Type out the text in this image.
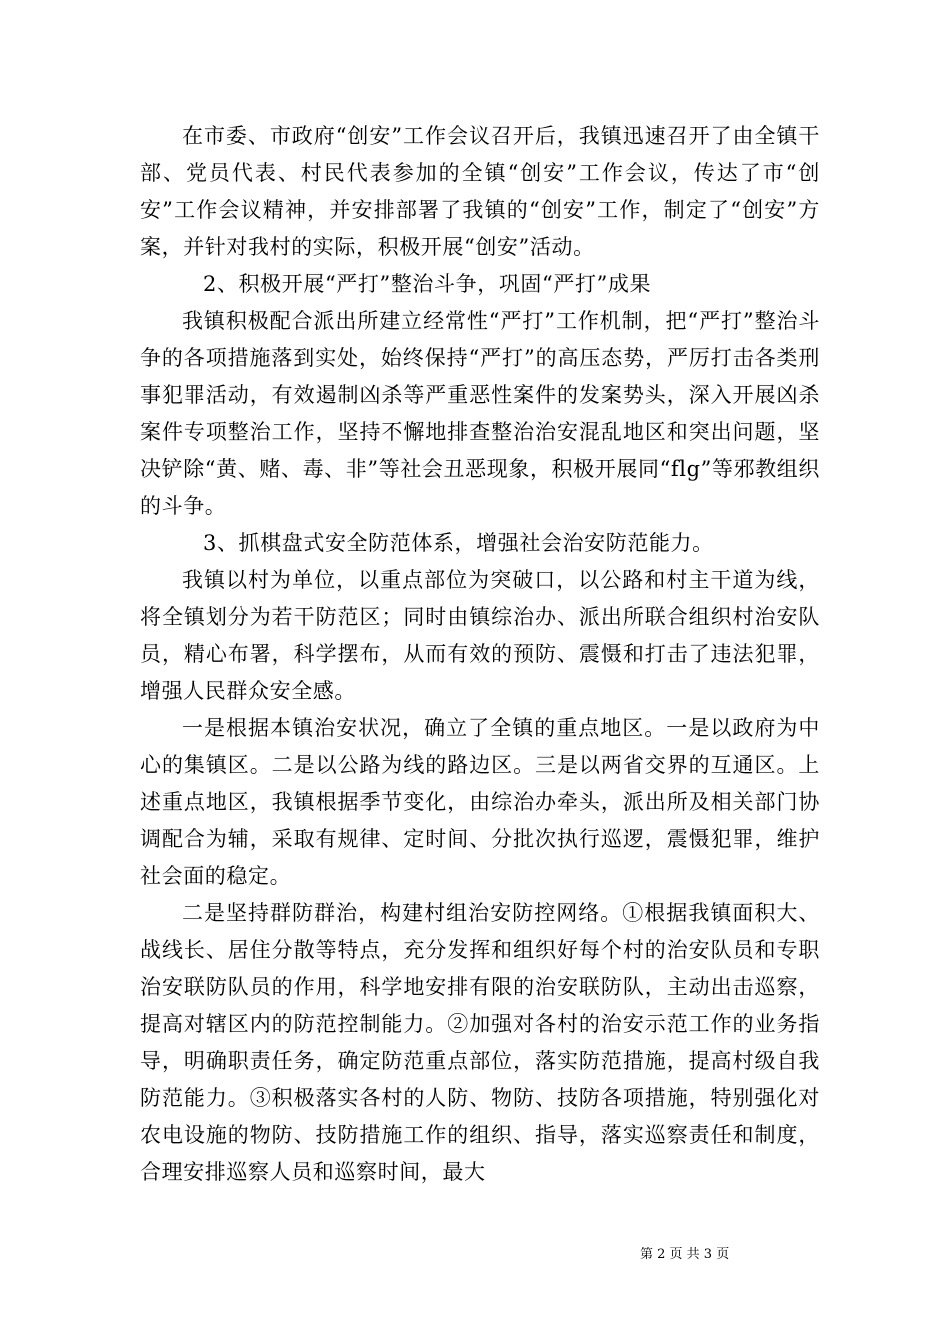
在市委、市政府“创安”工作会议召开后，我镇迅速召开了由全镇干部、党员代表、村民代表参加的全镇“创安”工作会议，传达了市“创安”工作会议精神，并安排部署了我镇的“创安”工作，制定了“创安”方案，并针对我村的实际，积极开展“创安”活动。

2、积极开展“严打”整治斗争，巩固“严打”成果

我镇积极配合派出所建立经常性“严打”工作机制，把“严打”整治斗争的各项措施落到实处，始终保持“严打”的高压态势，严厉打击各类刑事犯罪活动，有效遏制凶杀等严重恶性案件的发案势头，深入开展凶杀案件专项整治工作，坚持不懈地排查整治治安混乱地区和突出问题，坚决铲除“黄、赌、毒、非”等社会丑恶现象，积极开展同“flg”等邪教组织的斗争。

3、抓棋盘式安全防范体系，增强社会治安防范能力。

我镇以村为单位，以重点部位为突破口，以公路和村主干道为线，将全镇划分为若干防范区；同时由镇综治办、派出所联合组织村治安队员，精心布署，科学摆布，从而有效的预防、震慑和打击了违法犯罪，增强人民群众安全感。

一是根据本镇治安状况，确立了全镇的重点地区。一是以政府为中心的集镇区。二是以公路为线的路边区。三是以两省交界的互通区。上述重点地区，我镇根据季节变化，由综治办牵头，派出所及相关部门协调配合为辅，采取有规律、定时间、分批次执行巡逻，震慑犯罪，维护社会面的稳定。

二是坚持群防群治，构建村组治安防控网络。①根据我镇面积大、战线长、居住分散等特点，充分发挥和组织好每个村的治安队员和专职治安联防队员的作用，科学地安排有限的治安联防队，主动出击巡察，提高对辖区内的防范控制能力。②加强对各村的治安示范工作的业务指导，明确职责任务，确定防范重点部位，落实防范措施，提高村级自我防范能力。③积极落实各村的人防、物防、技防各项措施，特别强化对农电设施的物防、技防措施工作的组织、指导，落实巡察责任和制度，合理安排巡察人员和巡察时间，最大

第 2 页 共 3 页
